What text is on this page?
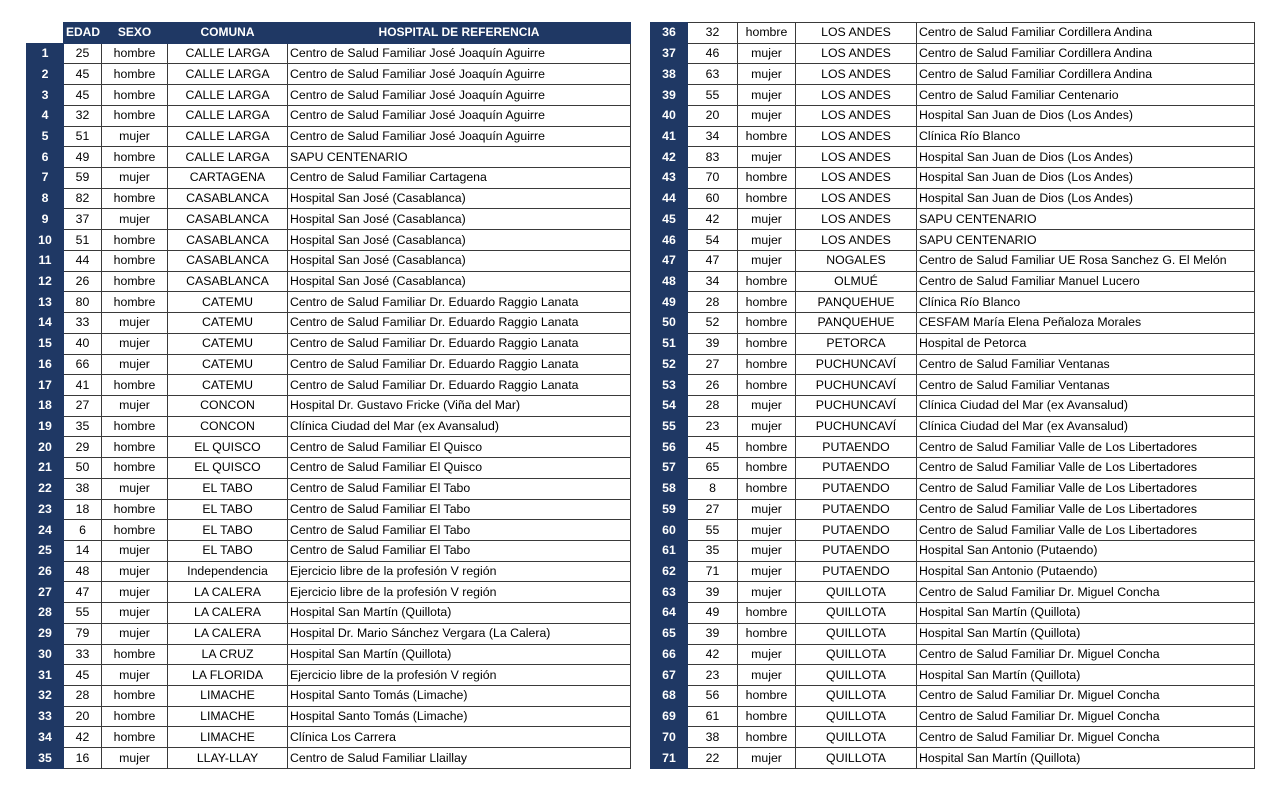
	EDAD	SEXO	COMUNA	HOSPITAL DE REFERENCIA
1	25	hombre	CALLE LARGA	Centro de Salud Familiar José Joaquín Aguirre
2	45	hombre	CALLE LARGA	Centro de Salud Familiar José Joaquín Aguirre
3	45	hombre	CALLE LARGA	Centro de Salud Familiar José Joaquín Aguirre
4	32	hombre	CALLE LARGA	Centro de Salud Familiar José Joaquín Aguirre
5	51	mujer	CALLE LARGA	Centro de Salud Familiar José Joaquín Aguirre
6	49	hombre	CALLE LARGA	SAPU CENTENARIO
7	59	mujer	CARTAGENA	Centro de Salud Familiar Cartagena
8	82	hombre	CASABLANCA	Hospital San José (Casablanca)
9	37	mujer	CASABLANCA	Hospital San José (Casablanca)
10	51	hombre	CASABLANCA	Hospital San José (Casablanca)
11	44	hombre	CASABLANCA	Hospital San José (Casablanca)
12	26	hombre	CASABLANCA	Hospital San José (Casablanca)
13	80	hombre	CATEMU	Centro de Salud Familiar Dr. Eduardo Raggio Lanata
14	33	mujer	CATEMU	Centro de Salud Familiar Dr. Eduardo Raggio Lanata
15	40	mujer	CATEMU	Centro de Salud Familiar Dr. Eduardo Raggio Lanata
16	66	mujer	CATEMU	Centro de Salud Familiar Dr. Eduardo Raggio Lanata
17	41	hombre	CATEMU	Centro de Salud Familiar Dr. Eduardo Raggio Lanata
18	27	mujer	CONCON	Hospital Dr. Gustavo Fricke (Viña del Mar)
19	35	hombre	CONCON	Clínica Ciudad del Mar (ex Avansalud)
20	29	hombre	EL QUISCO	Centro de Salud Familiar El Quisco
21	50	hombre	EL QUISCO	Centro de Salud Familiar El Quisco
22	38	mujer	EL TABO	Centro de Salud Familiar El Tabo
23	18	hombre	EL TABO	Centro de Salud Familiar El Tabo
24	6	hombre	EL TABO	Centro de Salud Familiar El Tabo
25	14	mujer	EL TABO	Centro de Salud Familiar El Tabo
26	48	mujer	Independencia	Ejercicio libre de la profesión V región
27	47	mujer	LA CALERA	Ejercicio libre de la profesión V región
28	55	mujer	LA CALERA	Hospital San Martín (Quillota)
29	79	mujer	LA CALERA	Hospital Dr. Mario Sánchez Vergara (La Calera)
30	33	hombre	LA CRUZ	Hospital San Martín (Quillota)
31	45	mujer	LA FLORIDA	Ejercicio libre de la profesión V región
32	28	hombre	LIMACHE	Hospital Santo Tomás (Limache)
33	20	hombre	LIMACHE	Hospital Santo Tomás (Limache)
34	42	hombre	LIMACHE	Clínica Los Carrera
35	16	mujer	LLAY-LLAY	Centro de Salud Familiar Llaillay
36	32	hombre	LOS ANDES	Centro de Salud Familiar Cordillera Andina
37	46	mujer	LOS ANDES	Centro de Salud Familiar Cordillera Andina
38	63	mujer	LOS ANDES	Centro de Salud Familiar Cordillera Andina
39	55	mujer	LOS ANDES	Centro de Salud Familiar Centenario
40	20	mujer	LOS ANDES	Hospital San Juan de Dios (Los Andes)
41	34	hombre	LOS ANDES	Clínica Río Blanco
42	83	mujer	LOS ANDES	Hospital San Juan de Dios (Los Andes)
43	70	hombre	LOS ANDES	Hospital San Juan de Dios (Los Andes)
44	60	hombre	LOS ANDES	Hospital San Juan de Dios (Los Andes)
45	42	mujer	LOS ANDES	SAPU CENTENARIO
46	54	mujer	LOS ANDES	SAPU CENTENARIO
47	47	mujer	NOGALES	Centro de Salud Familiar UE Rosa Sanchez G. El Melón
48	34	hombre	OLMUÉ	Centro de Salud Familiar Manuel Lucero
49	28	hombre	PANQUEHUE	Clínica Río Blanco
50	52	hombre	PANQUEHUE	CESFAM María Elena Peñaloza Morales
51	39	hombre	PETORCA	Hospital de Petorca
52	27	hombre	PUCHUNCAVÍ	Centro de Salud Familiar Ventanas
53	26	hombre	PUCHUNCAVÍ	Centro de Salud Familiar Ventanas
54	28	mujer	PUCHUNCAVÍ	Clínica Ciudad del Mar (ex Avansalud)
55	23	mujer	PUCHUNCAVÍ	Clínica Ciudad del Mar (ex Avansalud)
56	45	hombre	PUTAENDO	Centro de Salud Familiar Valle de Los Libertadores
57	65	hombre	PUTAENDO	Centro de Salud Familiar Valle de Los Libertadores
58	8	hombre	PUTAENDO	Centro de Salud Familiar Valle de Los Libertadores
59	27	mujer	PUTAENDO	Centro de Salud Familiar Valle de Los Libertadores
60	55	mujer	PUTAENDO	Centro de Salud Familiar Valle de Los Libertadores
61	35	mujer	PUTAENDO	Hospital San Antonio (Putaendo)
62	71	mujer	PUTAENDO	Hospital San Antonio (Putaendo)
63	39	mujer	QUILLOTA	Centro de Salud Familiar Dr. Miguel Concha
64	49	hombre	QUILLOTA	Hospital San Martín (Quillota)
65	39	hombre	QUILLOTA	Hospital San Martín (Quillota)
66	42	mujer	QUILLOTA	Centro de Salud Familiar Dr. Miguel Concha
67	23	mujer	QUILLOTA	Hospital San Martín (Quillota)
68	56	hombre	QUILLOTA	Centro de Salud Familiar Dr. Miguel Concha
69	61	hombre	QUILLOTA	Centro de Salud Familiar Dr. Miguel Concha
70	38	hombre	QUILLOTA	Centro de Salud Familiar Dr. Miguel Concha
71	22	mujer	QUILLOTA	Hospital San Martín (Quillota)
